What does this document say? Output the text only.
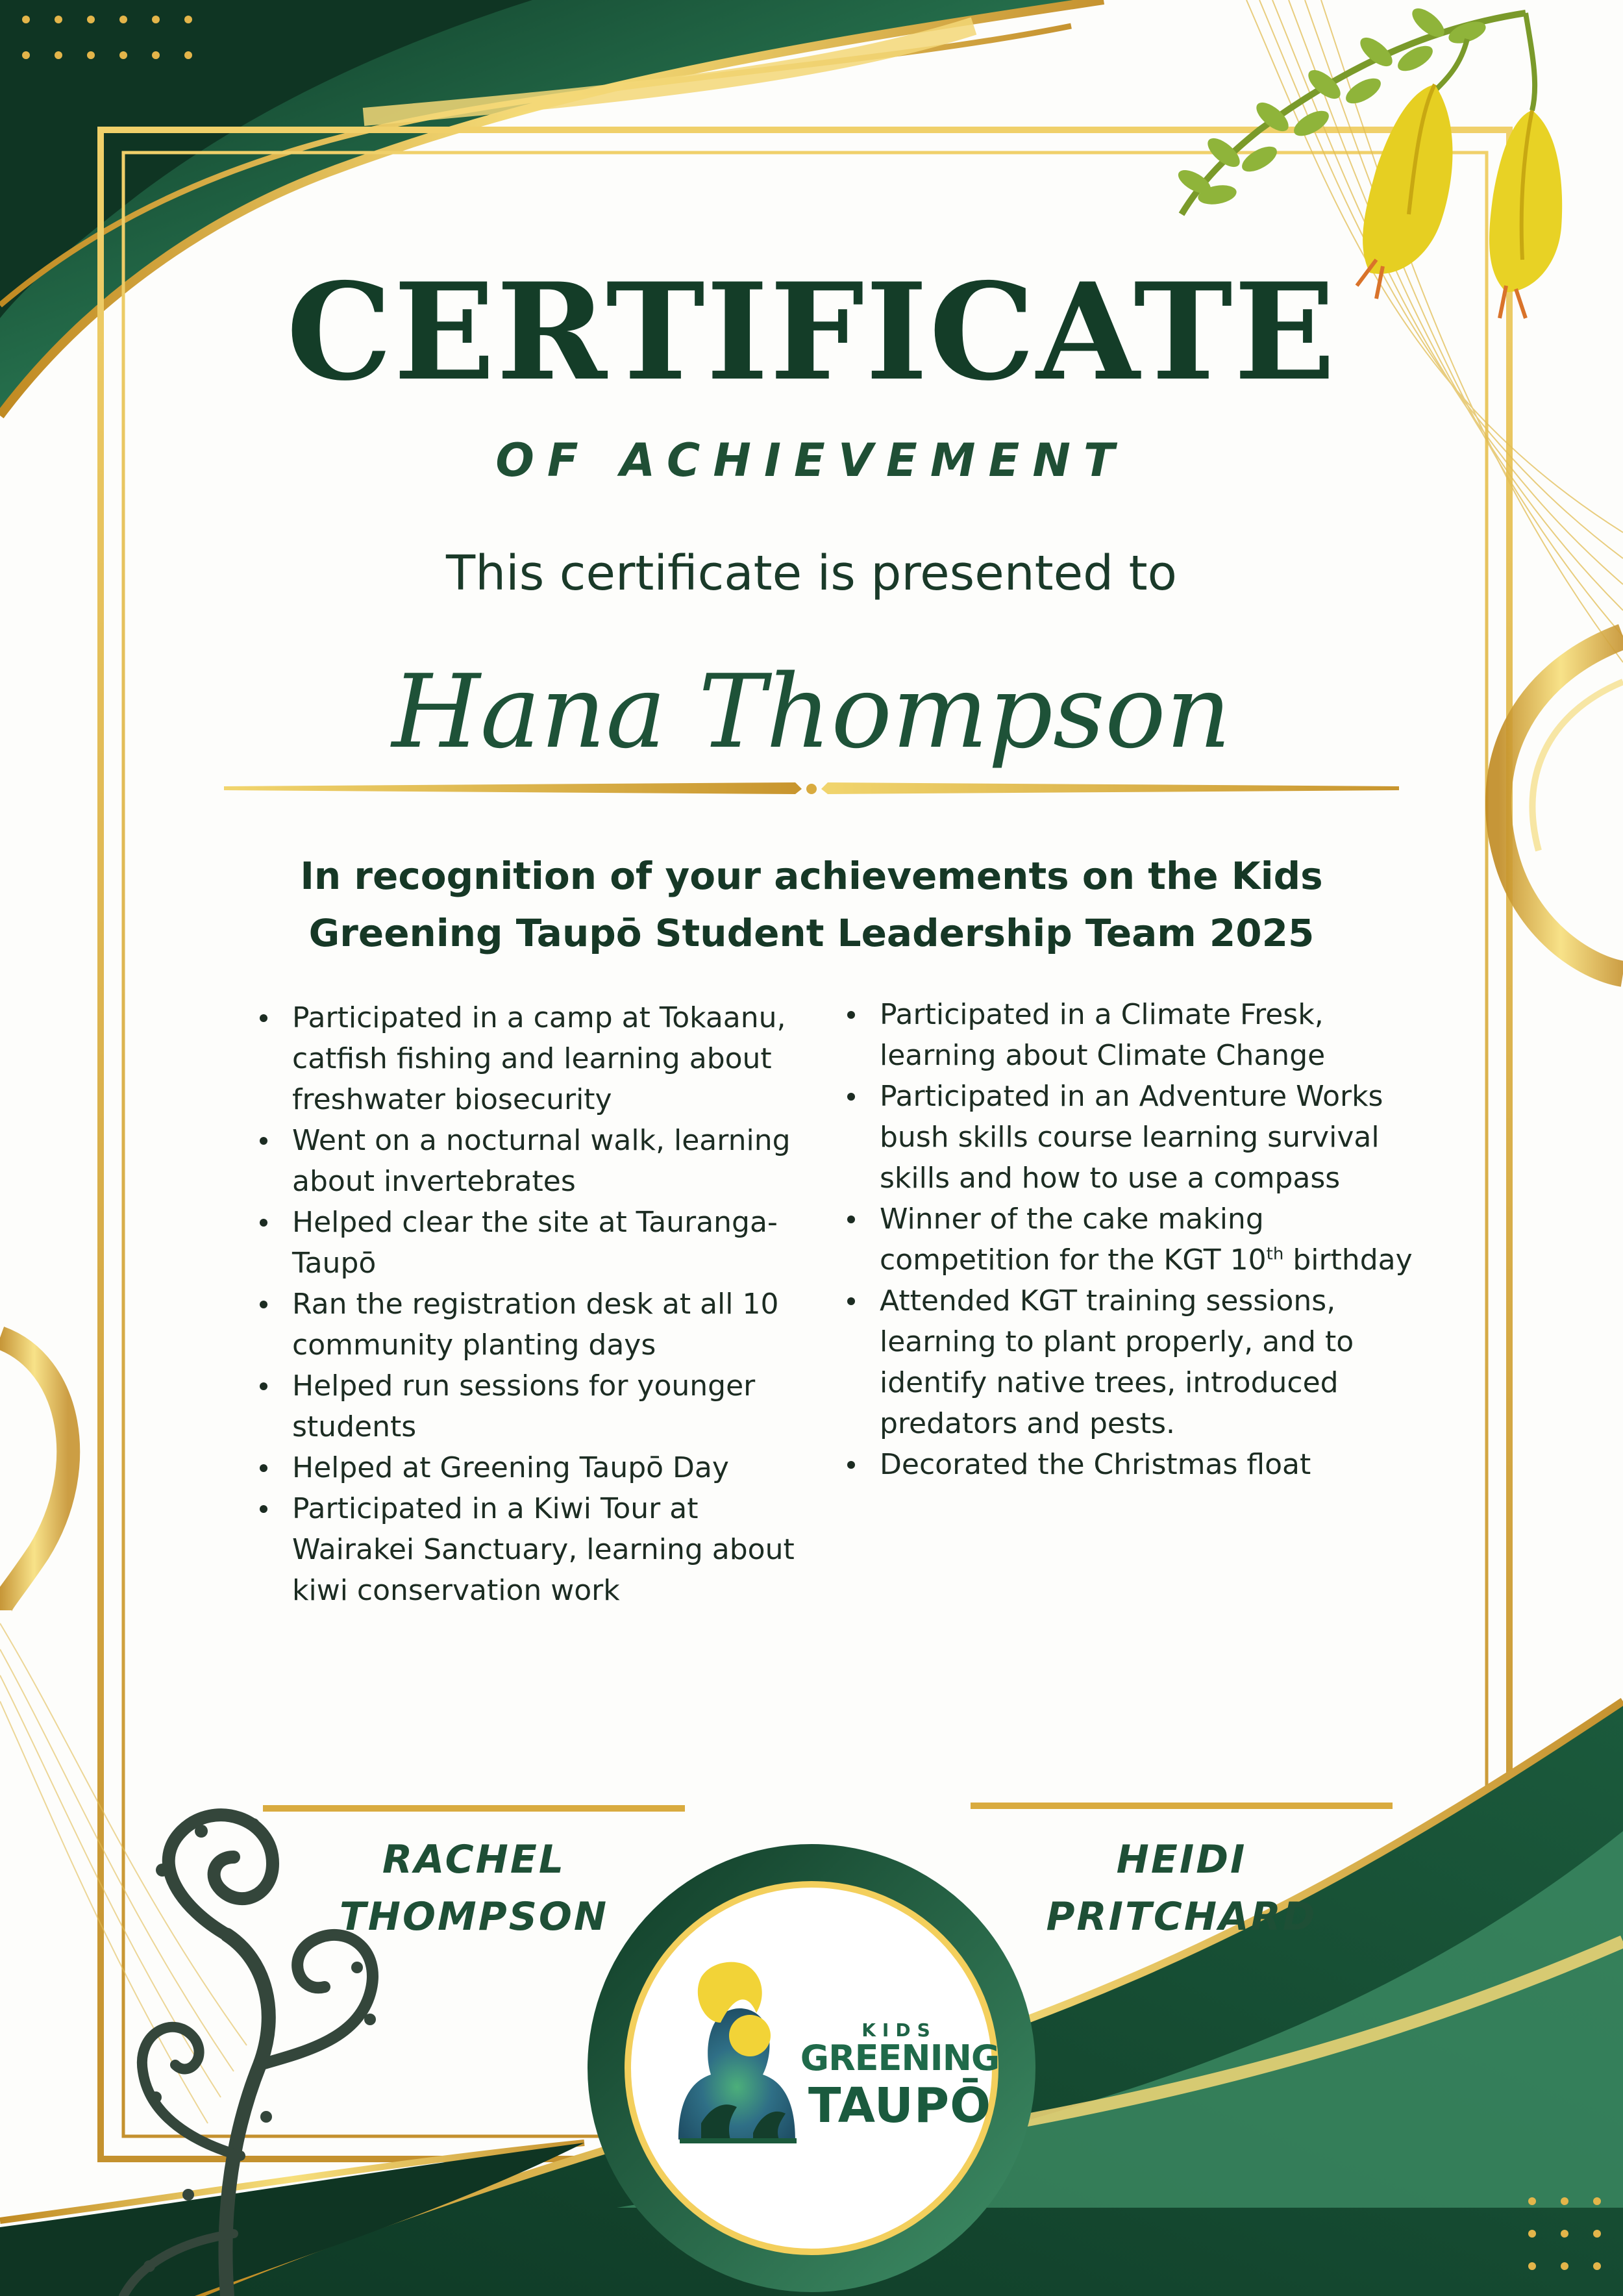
CERTIFICATE
OF ACHIEVEMENT
This certificate is presented to
Hana Thompson
In recognition of your achievements on the Kids
Greening Taupō Student Leadership Team 2025
Participated in a camp at Tokaanu, catfish fishing and learning about freshwater biosecurity
Went on a nocturnal walk, learning about invertebrates
Helped clear the site at Tauranga-Taupō
Ran the registration desk at all 10 community planting days
Helped run sessions for younger students
Helped at Greening Taupō Day
Participated in a Kiwi Tour at Wairakei Sanctuary, learning about kiwi conservation work
Participated in a Climate Fresk, learning about Climate Change
Participated in an Adventure Works bush skills course learning survival skills and how to use a compass
Winner of the cake making competition for the KGT 10th birthday
Attended KGT training sessions, learning to plant properly, and to identify native trees, introduced predators and pests.
Decorated the Christmas float
RACHEL
THOMPSON
HEIDI
PRITCHARD
KIDS
GREENING
TAUPŌ
